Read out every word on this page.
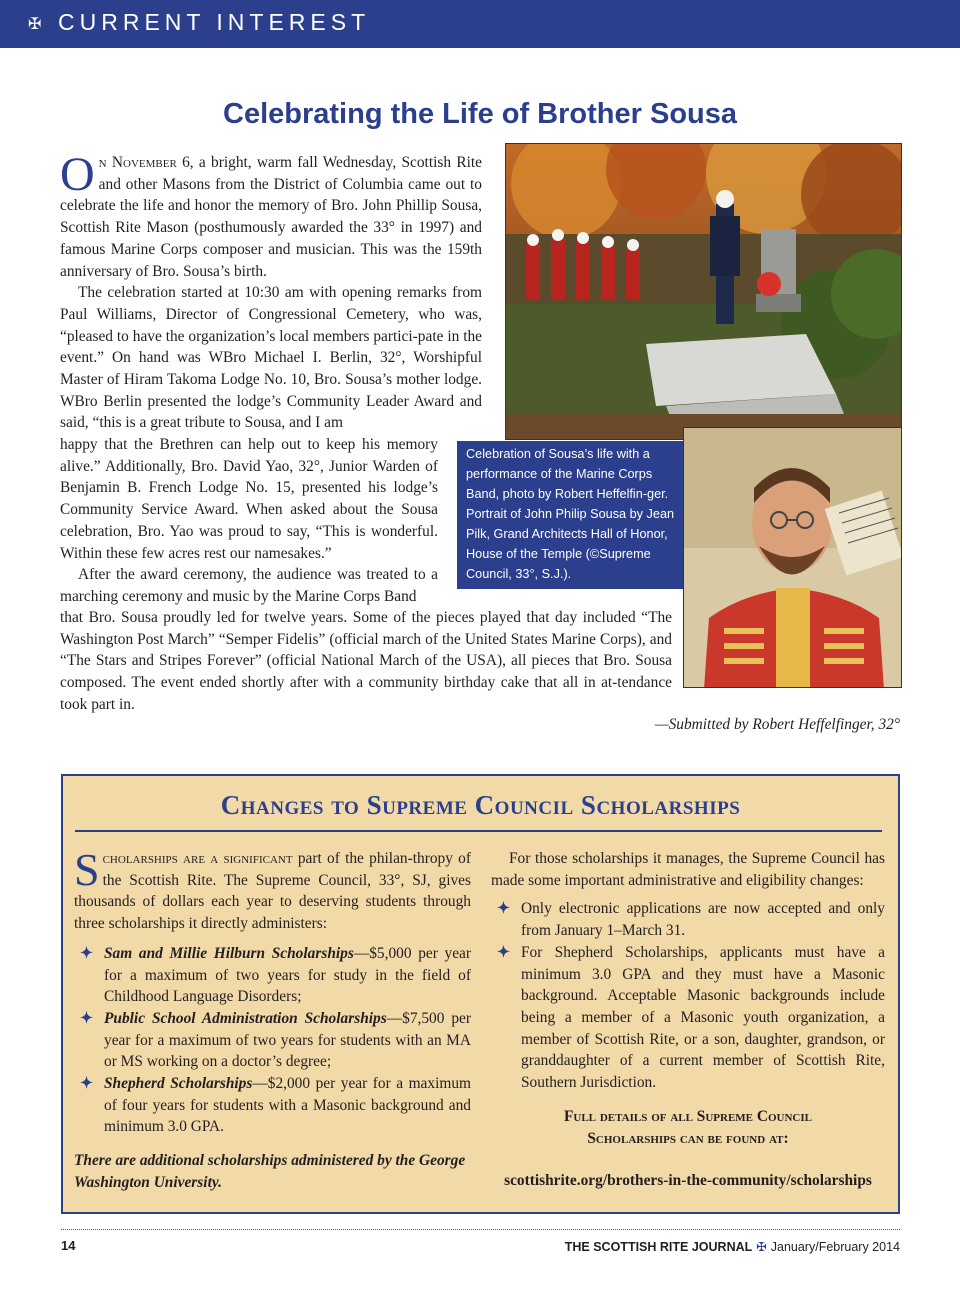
✠ CURRENT INTEREST
Celebrating the Life of Brother Sousa

On November 6, a bright, warm fall Wednesday, Scottish Rite and other Masons from the District of Columbia came out to celebrate the life and honor the memory of Bro. John Phillip Sousa, Scottish Rite Mason (posthumously awarded the 33° in 1997) and famous Marine Corps composer and musician. This was the 159th anniversary of Bro. Sousa’s birth.

The celebration started at 10:30 am with opening remarks from Paul Williams, Director of Congressional Cemetery, who was, “pleased to have the organization’s local members partici-pate in the event.” On hand was WBro Michael I. Berlin, 32°, Worshipful Master of Hiram Takoma Lodge No. 10, Bro. Sousa’s mother lodge. WBro Berlin presented the lodge’s Community Leader Award and said, “this is a great tribute to Sousa, and I am

happy that the Brethren can help out to keep his memory alive.” Additionally, Bro. David Yao, 32°, Junior Warden of Benjamin B. French Lodge No. 15, presented his lodge’s Community Service Award. When asked about the Sousa celebration, Bro. Yao was proud to say, “This is wonderful. Within these few acres rest our namesakes.”

After the award ceremony, the audience was treated to a marching ceremony and music by the Marine Corps Band

that Bro. Sousa proudly led for twelve years. Some of the pieces played that day included “The Washington Post March” “Semper Fidelis” (official march of the United States Marine Corps), and “The Stars and Stripes Forever” (official National March of the USA), all pieces that Bro. Sousa composed. The event ended shortly after with a community birthday cake that all in at-tendance took part in.

—Submitted by Robert Heffelfinger, 32°
Celebration of Sousa’s life with a performance of the Marine Corps Band, photo by Robert Heffelfin-ger. Portrait of John Philip Sousa by Jean Pilk, Grand Architects Hall of Honor, House of the Temple (©Supreme Council, 33°, S.J.).
Changes to Supreme Council Scholarships

Scholarships are a significant part of the philan-thropy of the Scottish Rite. The Supreme Council, 33°, SJ, gives thousands of dollars each year to deserving students through three scholarships it directly administers:

✦ Sam and Millie Hilburn Scholarships—$5,000 per year for a maximum of two years for study in the field of Childhood Language Disorders;
✦ Public School Administration Scholarships—$7,500 per year for a maximum of two years for students with an MA or MS working on a doctor’s degree;
✦ Shepherd Scholarships—$2,000 per year for a maximum of four years for students with a Masonic background and minimum 3.0 GPA.

There are additional scholarships administered by the George Washington University.

For those scholarships it manages, the Supreme Council has made some important administrative and eligibility changes:

✦ Only electronic applications are now accepted and only from January 1–March 31.
✦ For Shepherd Scholarships, applicants must have a minimum 3.0 GPA and they must have a Masonic background. Acceptable Masonic backgrounds include being a member of a Masonic youth organization, a member of Scottish Rite, or a son, daughter, grandson, or granddaughter of a current member of Scottish Rite, Southern Jurisdiction.
Full details of all Supreme Council
Scholarships can be found at:
scottishrite.org/brothers-in-the-community/scholarships
14	THE SCOTTISH RITE JOURNAL ✠ January/February 2014
